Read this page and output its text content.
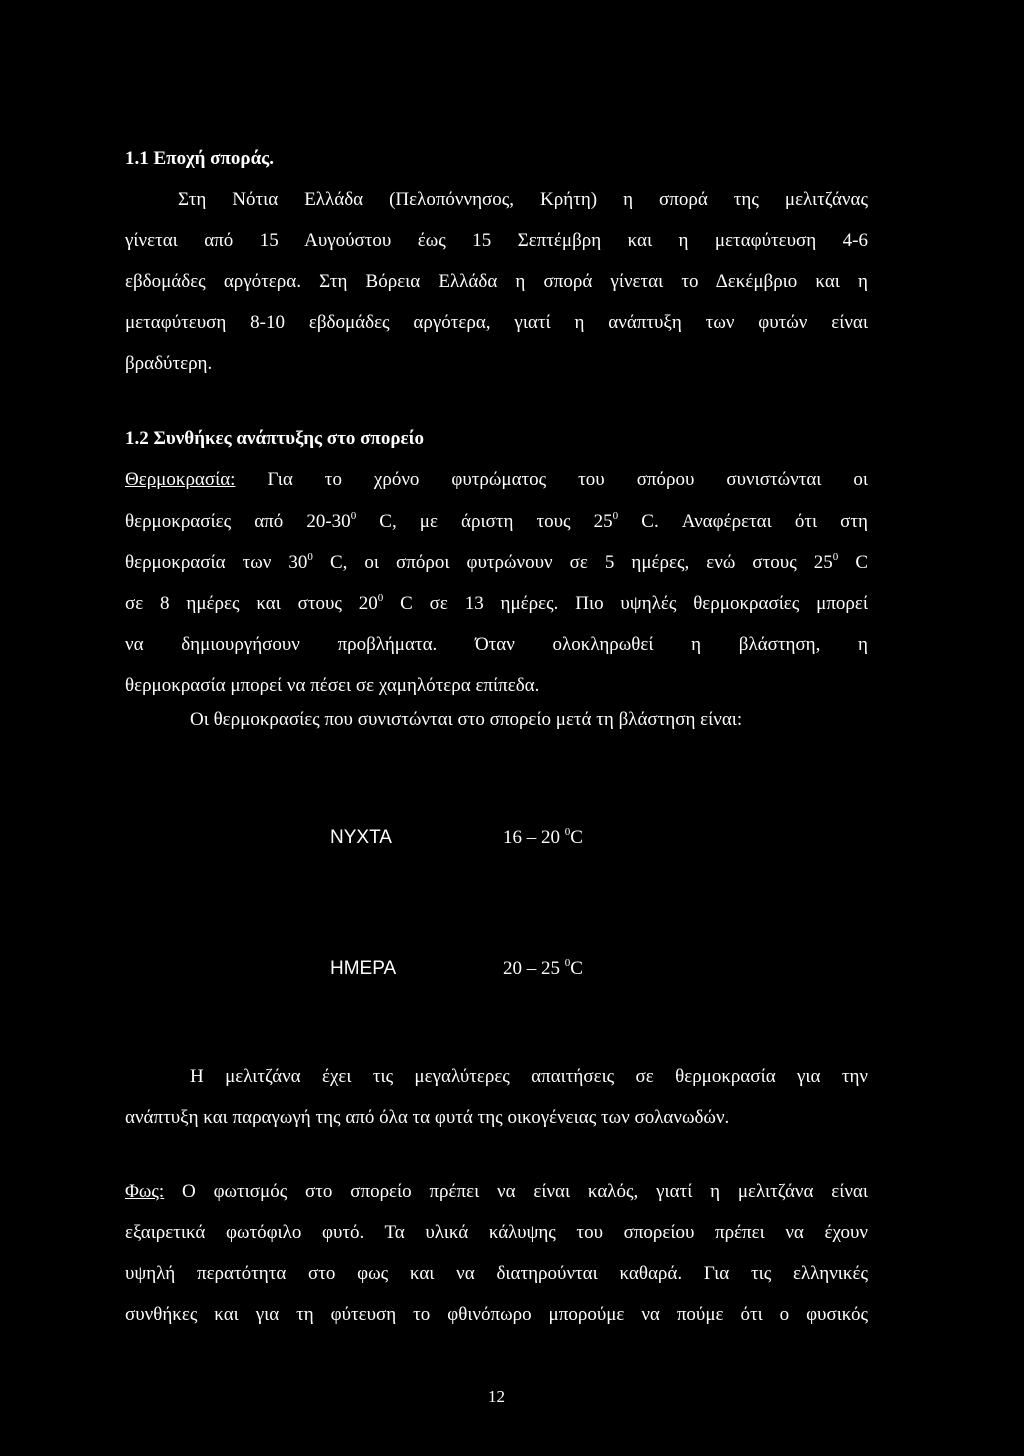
1.1 Εποχή σποράς.
Στη Νότια Ελλάδα (Πελοπόννησος, Κρήτη) η σπορά της μελιτζάνας
γίνεται από 15 Αυγούστου έως 15 Σεπτέμβρη και η μεταφύτευση 4-6
εβδομάδες αργότερα. Στη Βόρεια Ελλάδα η σπορά γίνεται το Δεκέμβριο και η
μεταφύτευση 8-10 εβδομάδες αργότερα, γιατί η ανάπτυξη των φυτών είναι
βραδύτερη.
1.2 Συνθήκες ανάπτυξης στο σπορείο
Θερμοκρασία: Για το χρόνο φυτρώματος του σπόρου συνιστώνται οι
θερμοκρασίες από $20-30^0$ C, με άριστη τους $25^0$ C. Αναφέρεται ότι στη
θερμοκρασία των $30^0$ C, οι σπόροι φυτρώνουν σε 5 ημέρες, ενώ στους $25^0$ C
σε 8 ημέρες και στους $20^0$ C σε 13 ημέρες. Πιο υψηλές θερμοκρασίες μπορεί
να δημιουργήσουν προβλήματα. Όταν ολοκληρωθεί η βλάστηση, η
θερμοκρασία μπορεί να πέσει σε χαμηλότερα επίπεδα.
Οι θερμοκρασίες που συνιστώνται στο σπορείο μετά τη βλάστηση είναι:
ΝΥΧΤΑ	16 – 20 $^0$C
ΗΜΕΡΑ	20 – 25 $^0$C
Η μελιτζάνα έχει τις μεγαλύτερες απαιτήσεις σε θερμοκρασία για την
ανάπτυξη και παραγωγή της από όλα τα φυτά της οικογένειας των σολανωδών.
Φως: Ο φωτισμός στο σπορείο πρέπει να είναι καλός, γιατί η μελιτζάνα είναι
εξαιρετικά φωτόφιλο φυτό. Τα υλικά κάλυψης του σπορείου πρέπει να έχουν
υψηλή περατότητα στο φως και να διατηρούνται καθαρά. Για τις ελληνικές
συνθήκες και για τη φύτευση το φθινόπωρο μπορούμε να πούμε ότι ο φυσικός
12
